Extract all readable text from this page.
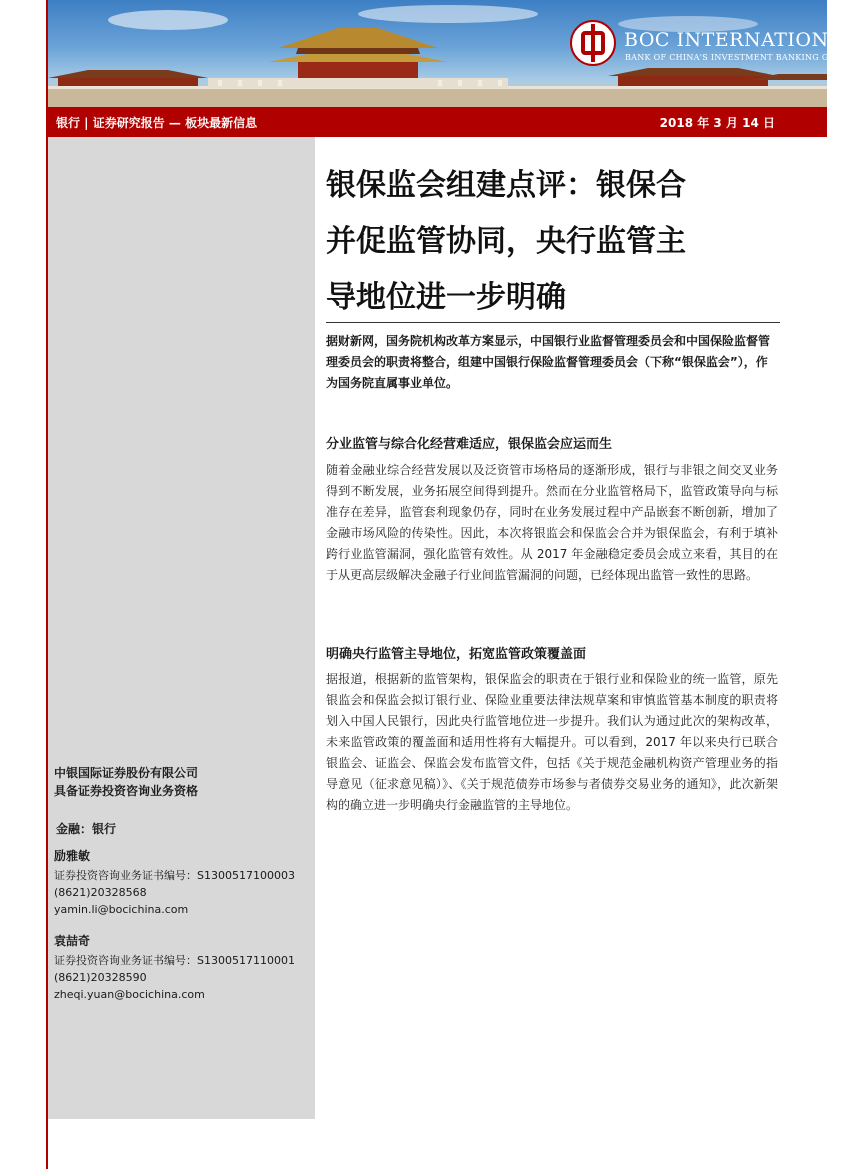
BOC INTERNATIONAL
BANK OF CHINA'S INVESTMENT BANKING GROUP
银行 | 证券研究报告 — 板块最新信息	2018 年 3 月 14 日
中银国际证券股份有限公司
具备证券投资咨询业务资格
金融：银行
励雅敏
证券投资咨询业务证书编号：S1300517100003
(8621)20328568
yamin.li@bocichina.com
袁喆奇
证券投资咨询业务证书编号：S1300517110001
(8621)20328590
zheqi.yuan@bocichina.com
银保监会组建点评：银保合
并促监管协同，央行监管主
导地位进一步明确
据财新网，国务院机构改革方案显示，中国银行业监督管理委员会和中国保险监督管理委员会的职责将整合，组建中国银行保险监督管理委员会（下称“银保监会”），作为国务院直属事业单位。
分业监管与综合化经营难适应，银保监会应运而生
随着金融业综合经营发展以及泛资管市场格局的逐渐形成，银行与非银之间交叉业务得到不断发展，业务拓展空间得到提升。然而在分业监管格局下，监管政策导向与标准存在差异，监管套利现象仍存，同时在业务发展过程中产品嵌套不断创新，增加了金融市场风险的传染性。因此，本次将银监会和保监会合并为银保监会，有利于填补跨行业监管漏洞，强化监管有效性。从 2017 年金融稳定委员会成立来看，其目的在于从更高层级解决金融子行业间监管漏洞的问题，已经体现出监管一致性的思路。
明确央行监管主导地位，拓宽监管政策覆盖面
据报道，根据新的监管架构，银保监会的职责在于银行业和保险业的统一监管，原先银监会和保监会拟订银行业、保险业重要法律法规草案和审慎监管基本制度的职责将划入中国人民银行，因此央行监管地位进一步提升。我们认为通过此次的架构改革，未来监管政策的覆盖面和适用性将有大幅提升。可以看到，2017 年以来央行已联合银监会、证监会、保监会发布监管文件，包括《关于规范金融机构资产管理业务的指导意见（征求意见稿）》、《关于规范债券市场参与者债券交易业务的通知》，此次新架构的确立进一步明确央行金融监管的主导地位。
